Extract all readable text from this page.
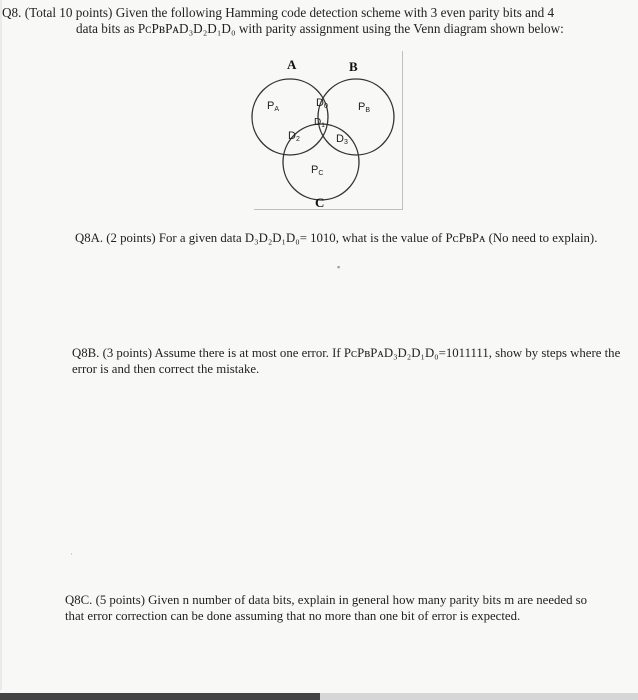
Q8. (Total 10 points) Given the following Hamming code detection scheme with 3 even parity bits and 4
data bits as PᴄPʙPᴀD₃D₂D₁D₀ with parity assignment using the Venn diagram shown below:
A	B
C
PA	PB
PC
D0
$D_1$
D2	D3
Q8A. (2 points) For a given data D₃D₂D₁D₀= 1010, what is the value of PᴄPʙPᴀ (No need to explain).
▪
Q8B. (3 points) Assume there is at most one error. If PᴄPʙPᴀD₃D₂D₁D₀=1011111, show by steps where the error is and then correct the mistake.
·
Q8C. (5 points) Given n number of data bits, explain in general how many parity bits m are needed so that error correction can be done assuming that no more than one bit of error is expected.
